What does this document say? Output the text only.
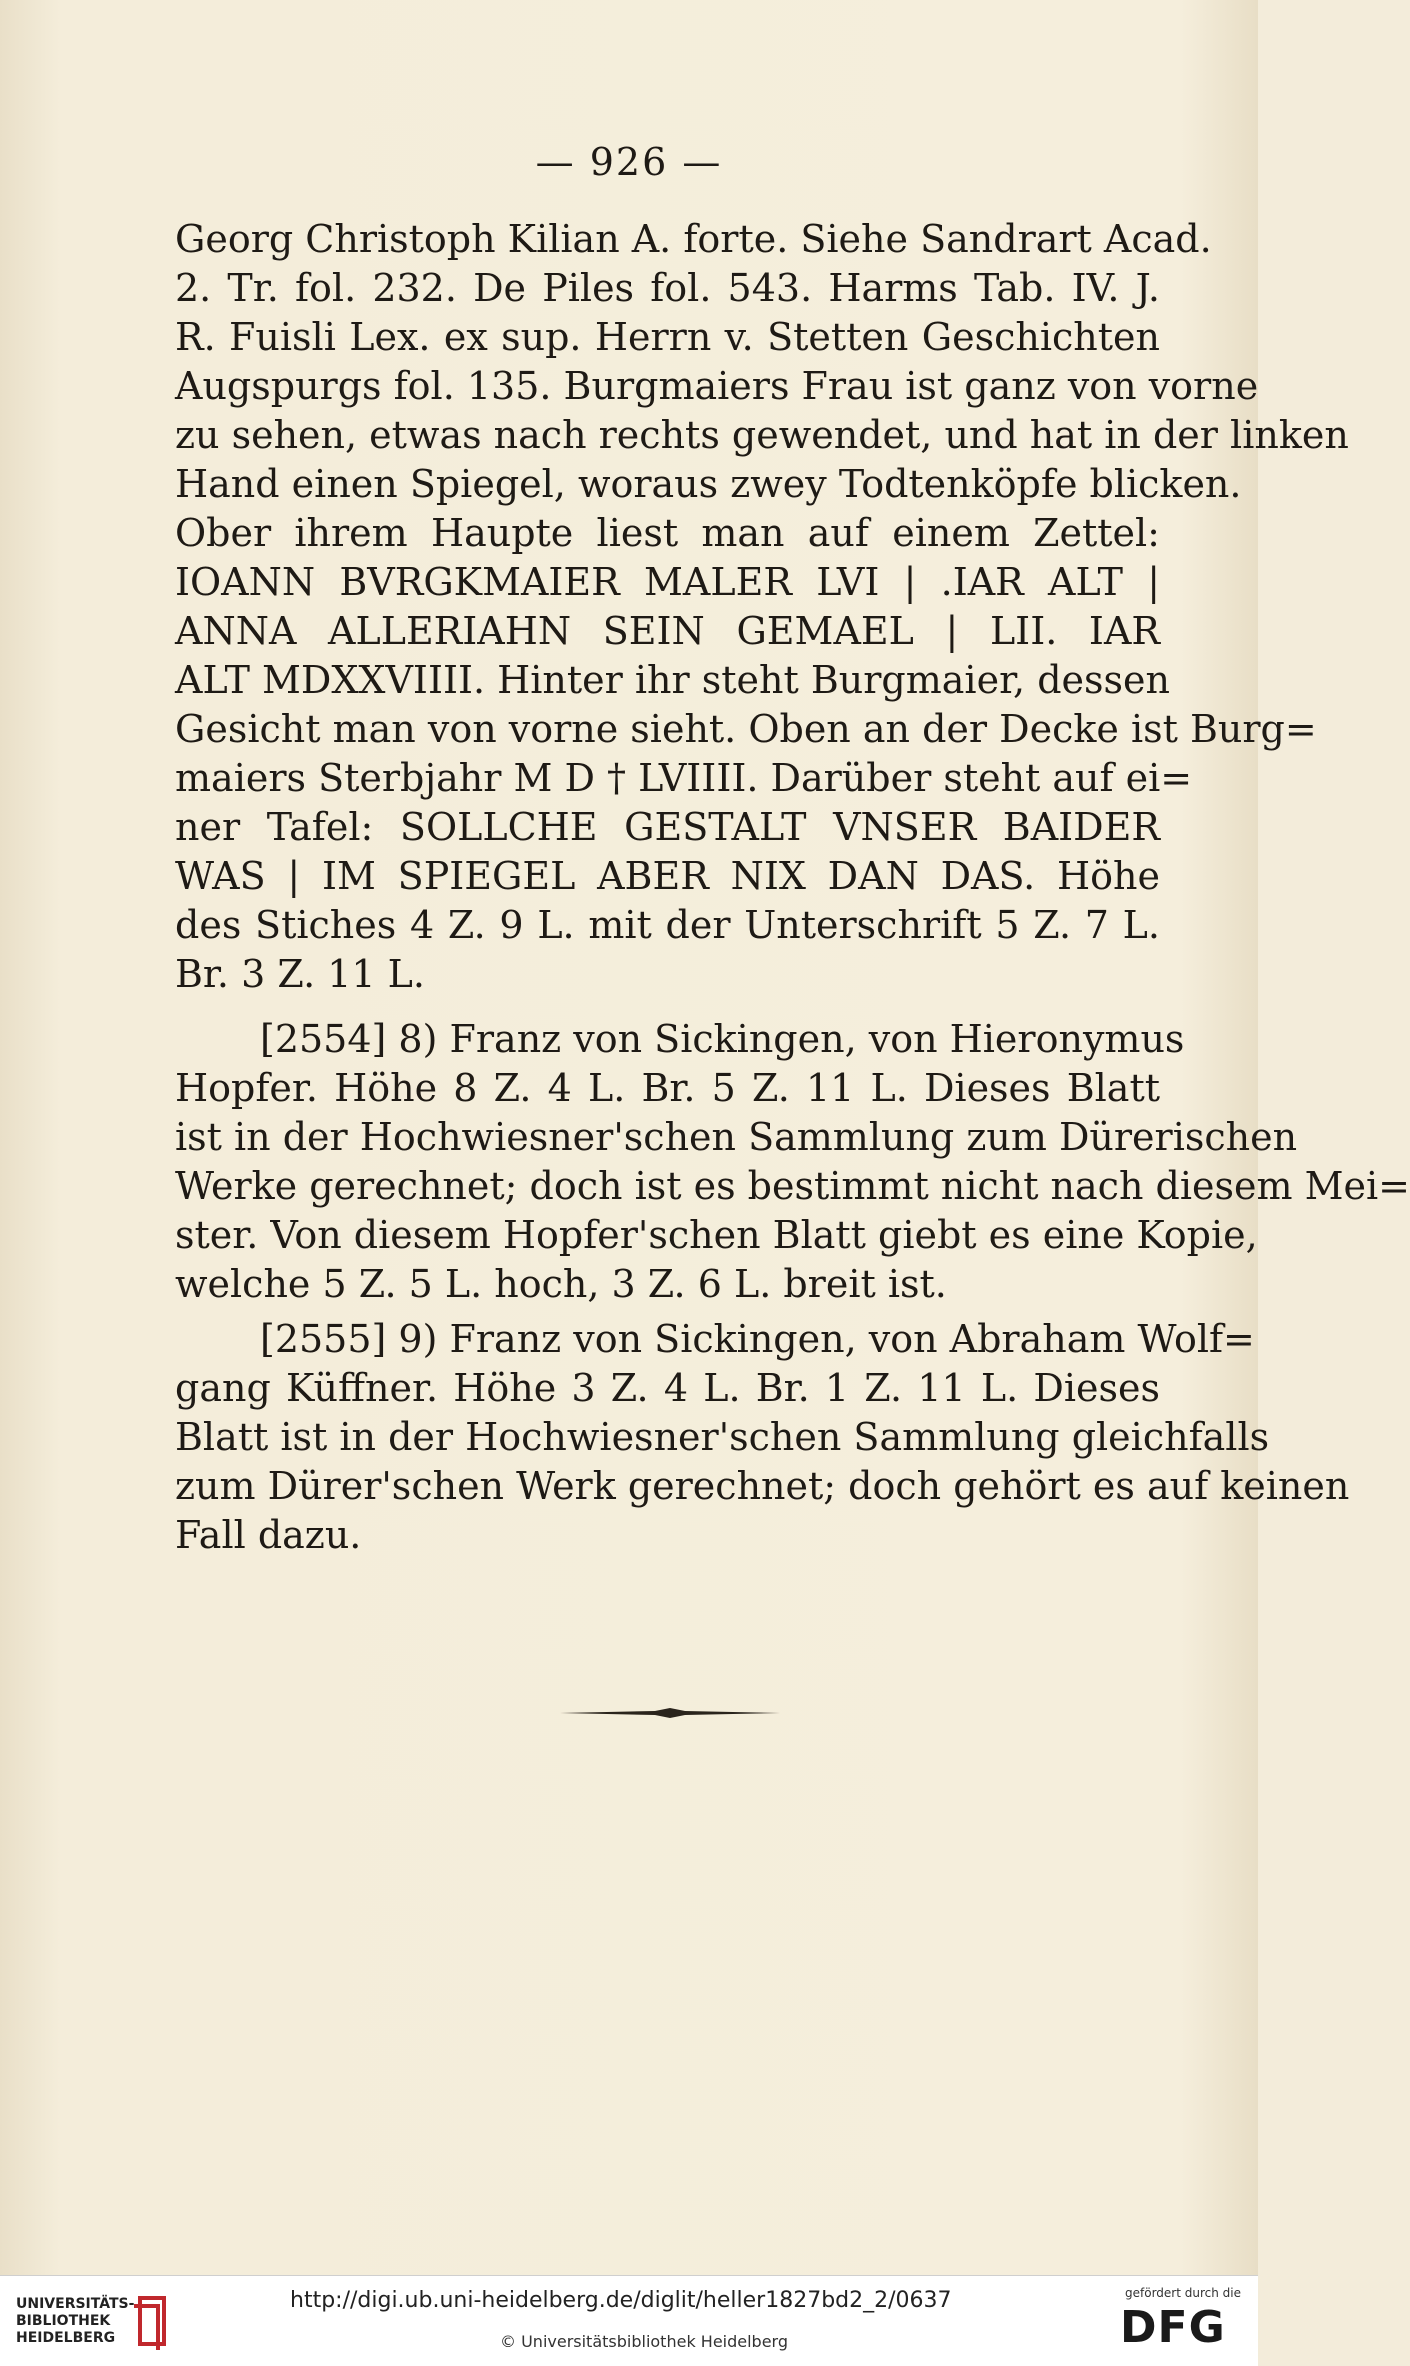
— 926 —
Georg Christoph Kilian A. forte. Siehe Sandrart Acad.
2. Tr. fol. 232. De Piles fol. 543. Harms Tab. IV. J.
R. Fuisli Lex. ex sup. Herrn v. Stetten Geschichten
Augspurgs fol. 135. Burgmaiers Frau ist ganz von vorne
zu sehen, etwas nach rechts gewendet, und hat in der linken
Hand einen Spiegel, woraus zwey Todtenköpfe blicken.
Ober ihrem Haupte liest man auf einem Zettel:
IOANN BVRGKMAIER MALER LVI | .IAR ALT |
ANNA ALLERIAHN SEIN GEMAEL | LII. IAR
ALT MDXXVIIII. Hinter ihr steht Burgmaier, dessen
Gesicht man von vorne sieht. Oben an der Decke ist Burg=
maiers Sterbjahr M D † LVIIII. Darüber steht auf ei=
ner Tafel: SOLLCHE GESTALT VNSER BAIDER
WAS | IM SPIEGEL ABER NIX DAN DAS. Höhe
des Stiches 4 Z. 9 L. mit der Unterschrift 5 Z. 7 L.
Br. 3 Z. 11 L.
[2554] 8) Franz von Sickingen, von Hieronymus
Hopfer. Höhe 8 Z. 4 L. Br. 5 Z. 11 L. Dieses Blatt
ist in der Hochwiesner'schen Sammlung zum Dürerischen
Werke gerechnet; doch ist es bestimmt nicht nach diesem Mei=
ster. Von diesem Hopfer'schen Blatt giebt es eine Kopie,
welche 5 Z. 5 L. hoch, 3 Z. 6 L. breit ist.
[2555] 9) Franz von Sickingen, von Abraham Wolf=
gang Küffner. Höhe 3 Z. 4 L. Br. 1 Z. 11 L. Dieses
Blatt ist in der Hochwiesner'schen Sammlung gleichfalls
zum Dürer'schen Werk gerechnet; doch gehört es auf keinen
Fall dazu.
UNIVERSITÄTS-
BIBLIOTHEK
HEIDELBERG
http://digi.ub.uni-heidelberg.de/diglit/heller1827bd2_2/0637
© Universitätsbibliothek Heidelberg
gefördert durch die
DFG
